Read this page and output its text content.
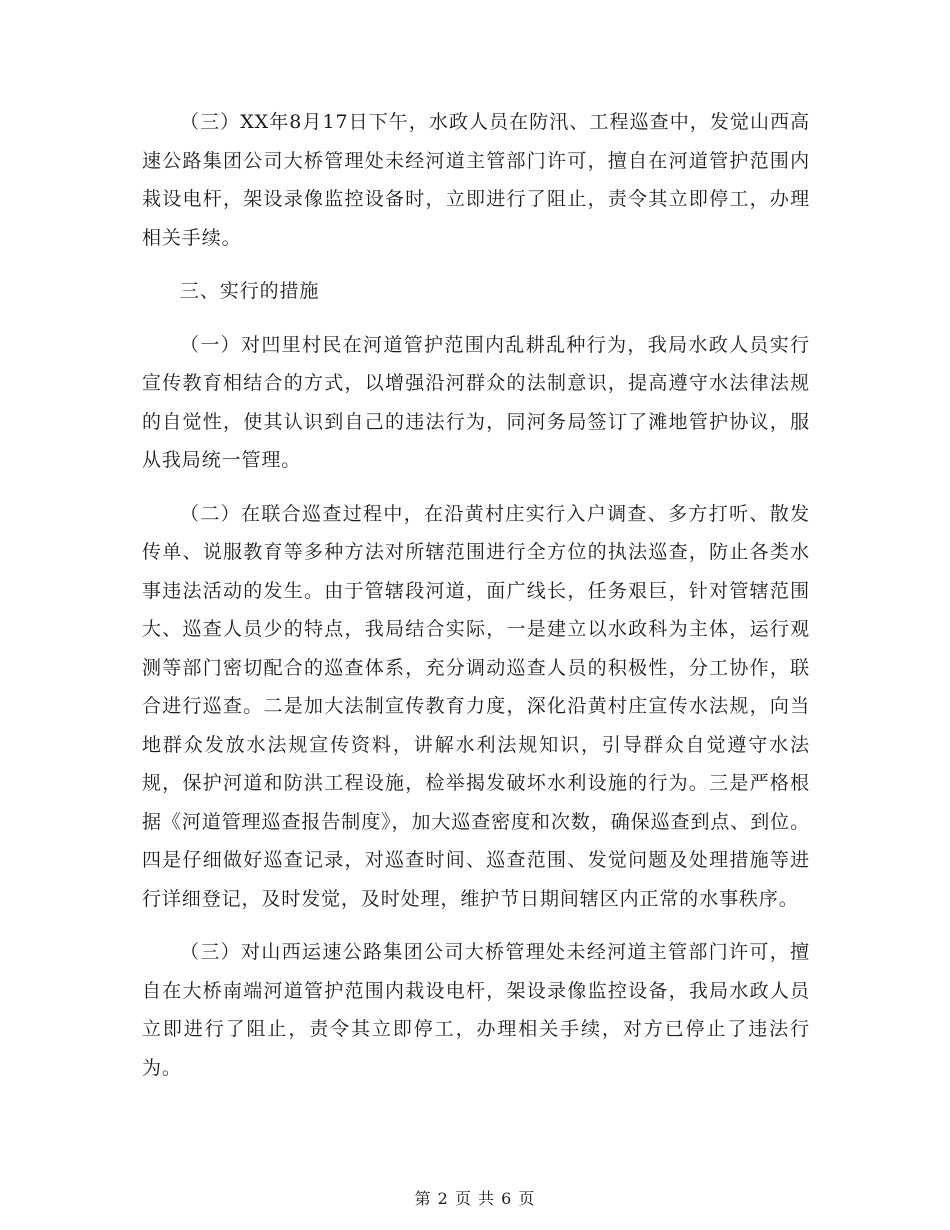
（三）XX年8月17日下午，水政人员在防汛、工程巡查中，发觉山西高速公路集团公司大桥管理处未经河道主管部门许可，擅自在河道管护范围内栽设电杆，架设录像监控设备时，立即进行了阻止，责令其立即停工，办理相关手续。

三、实行的措施

（一）对凹里村民在河道管护范围内乱耕乱种行为，我局水政人员实行宣传教育相结合的方式，以增强沿河群众的法制意识，提高遵守水法律法规的自觉性，使其认识到自己的违法行为，同河务局签订了滩地管护协议，服从我局统一管理。

（二）在联合巡查过程中，在沿黄村庄实行入户调查、多方打听、散发传单、说服教育等多种方法对所辖范围进行全方位的执法巡查，防止各类水事违法活动的发生。由于管辖段河道，面广线长，任务艰巨，针对管辖范围大、巡查人员少的特点，我局结合实际，一是建立以水政科为主体，运行观测等部门密切配合的巡查体系，充分调动巡查人员的积极性，分工协作，联合进行巡查。二是加大法制宣传教育力度，深化沿黄村庄宣传水法规，向当地群众发放水法规宣传资料，讲解水利法规知识，引导群众自觉遵守水法规，保护河道和防洪工程设施，检举揭发破坏水利设施的行为。三是严格根据《河道管理巡查报告制度》，加大巡查密度和次数，确保巡查到点、到位。四是仔细做好巡查记录，对巡查时间、巡查范围、发觉问题及处理措施等进行详细登记，及时发觉，及时处理，维护节日期间辖区内正常的水事秩序。

（三）对山西运速公路集团公司大桥管理处未经河道主管部门许可，擅自在大桥南端河道管护范围内栽设电杆，架设录像监控设备，我局水政人员立即进行了阻止，责令其立即停工，办理相关手续，对方已停止了违法行为。

第 2 页 共 6 页
